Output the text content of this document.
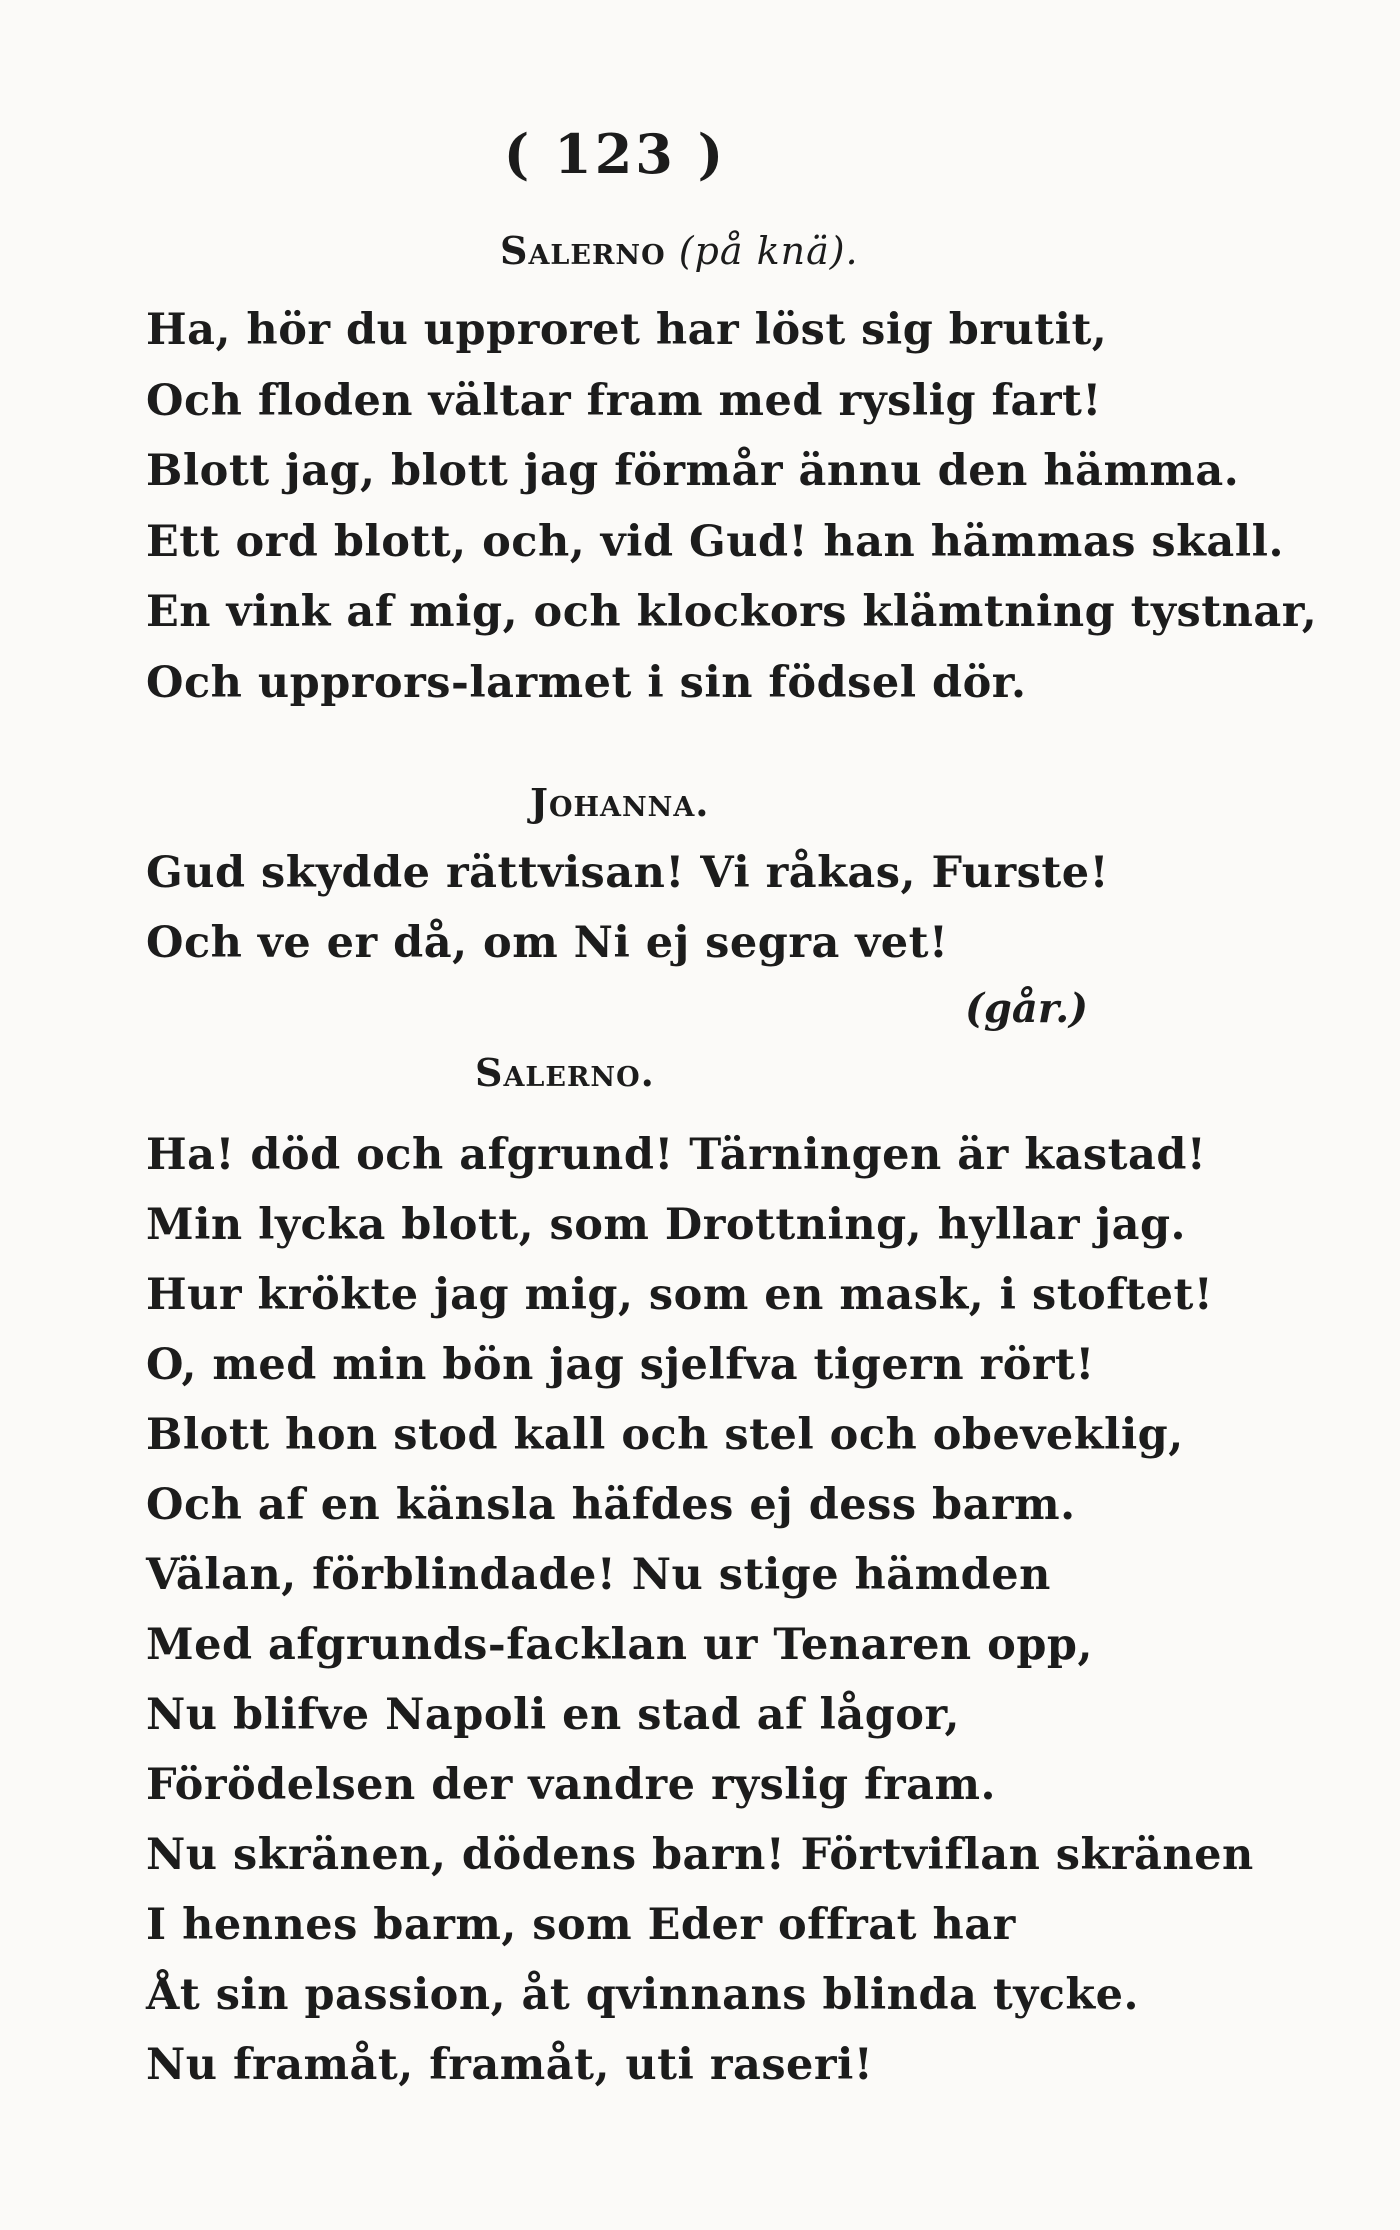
( 123 )
Salerno (på knä).
Ha, hör du upproret har löst sig brutit,
Och floden vältar fram med ryslig fart!
Blott jag, blott jag förmår ännu den hämma.
Ett ord blott, och, vid Gud! han hämmas skall.
En vink af mig, och klockors klämtning tystnar,
Och upprors-larmet i sin födsel dör.
Johanna.
Gud skydde rättvisan! Vi råkas, Furste!
Och ve er då, om Ni ej segra vet!
(går.)
Salerno.
Ha! död och afgrund! Tärningen är kastad!
Min lycka blott, som Drottning, hyllar jag.
Hur krökte jag mig, som en mask, i stoftet!
O, med min bön jag sjelfva tigern rört!
Blott hon stod kall och stel och obeveklig,
Och af en känsla häfdes ej dess barm.
Välan, förblindade! Nu stige hämden
Med afgrunds-facklan ur Tenaren opp,
Nu blifve Napoli en stad af lågor,
Förödelsen der vandre ryslig fram.
Nu skränen, dödens barn! Förtviflan skränen
I hennes barm, som Eder offrat har
Åt sin passion, åt qvinnans blinda tycke.
Nu framåt, framåt, uti raseri!
